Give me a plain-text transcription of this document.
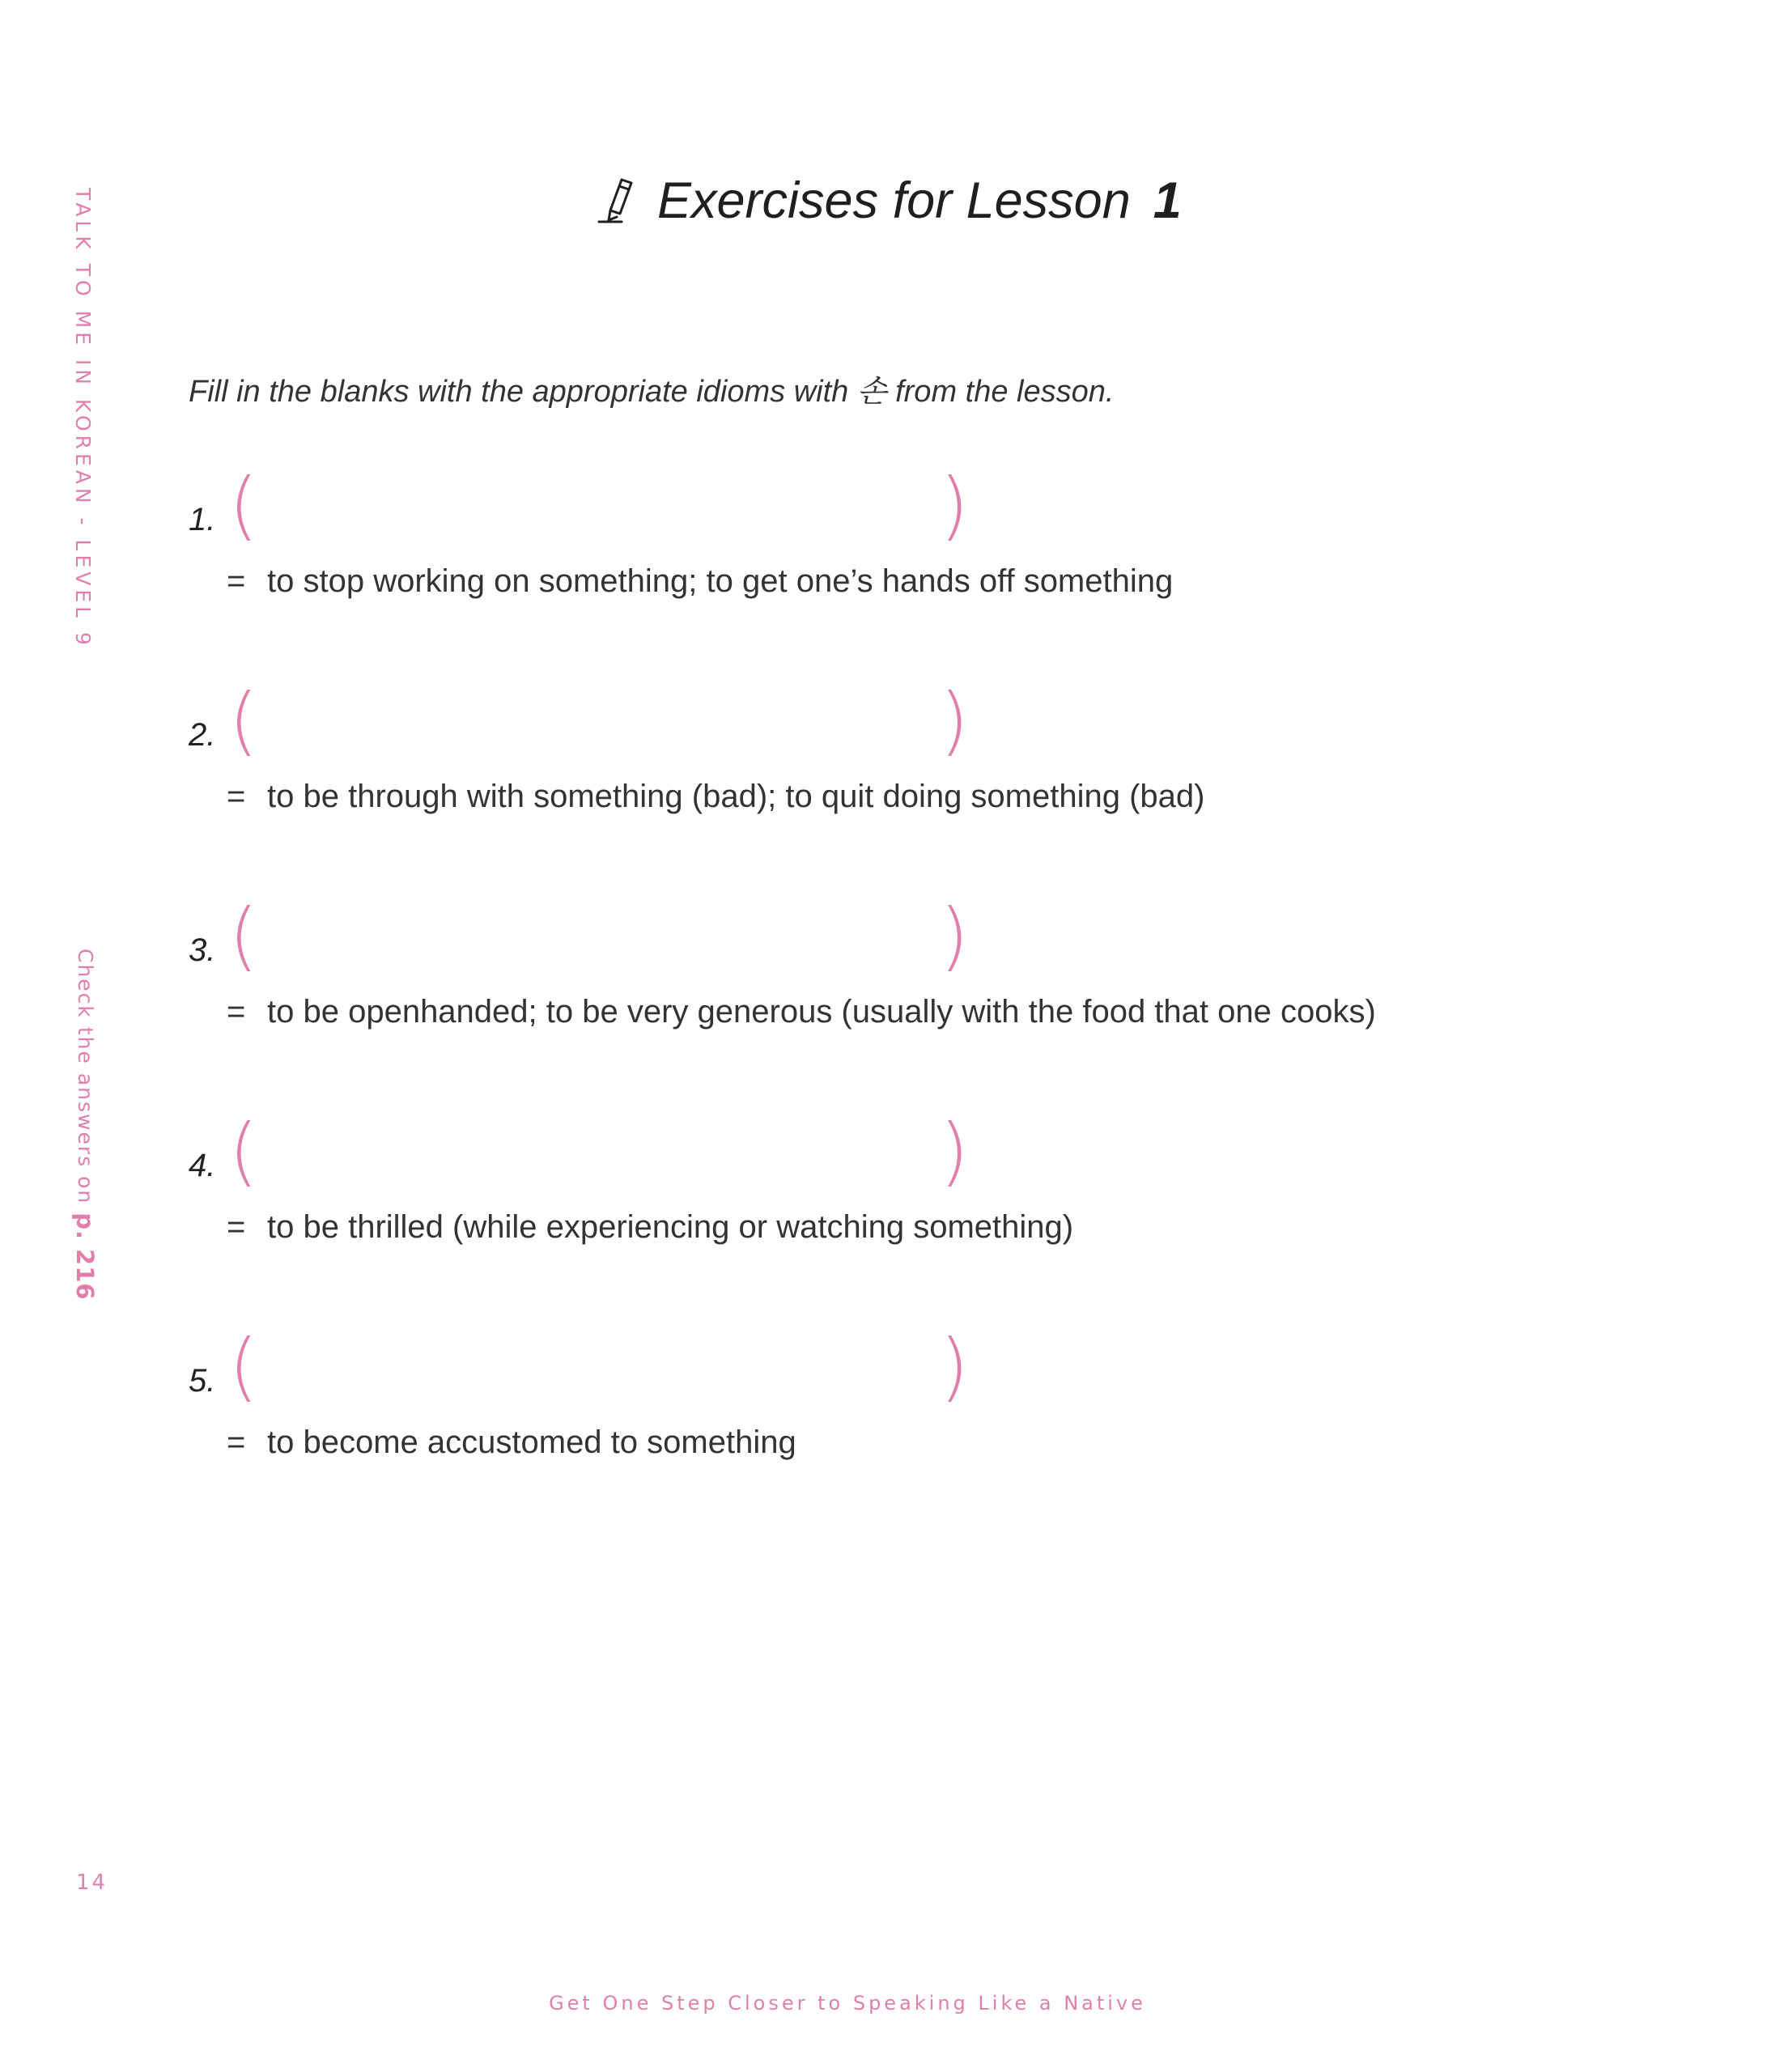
TALK TO ME IN KOREAN - LEVEL 9
Check the answers on p. 216
Exercises for Lesson 1
Fill in the blanks with the appropriate idioms with 손 from the lesson.
1. (	)
= to stop working on something; to get one’s hands off something
2. (	)
= to be through with something (bad); to quit doing something (bad)
3. (	)
= to be openhanded; to be very generous (usually with the food that one cooks)
4. (	)
= to be thrilled (while experiencing or watching something)
5. (	)
= to become accustomed to something
14
Get One Step Closer to Speaking Like a Native
